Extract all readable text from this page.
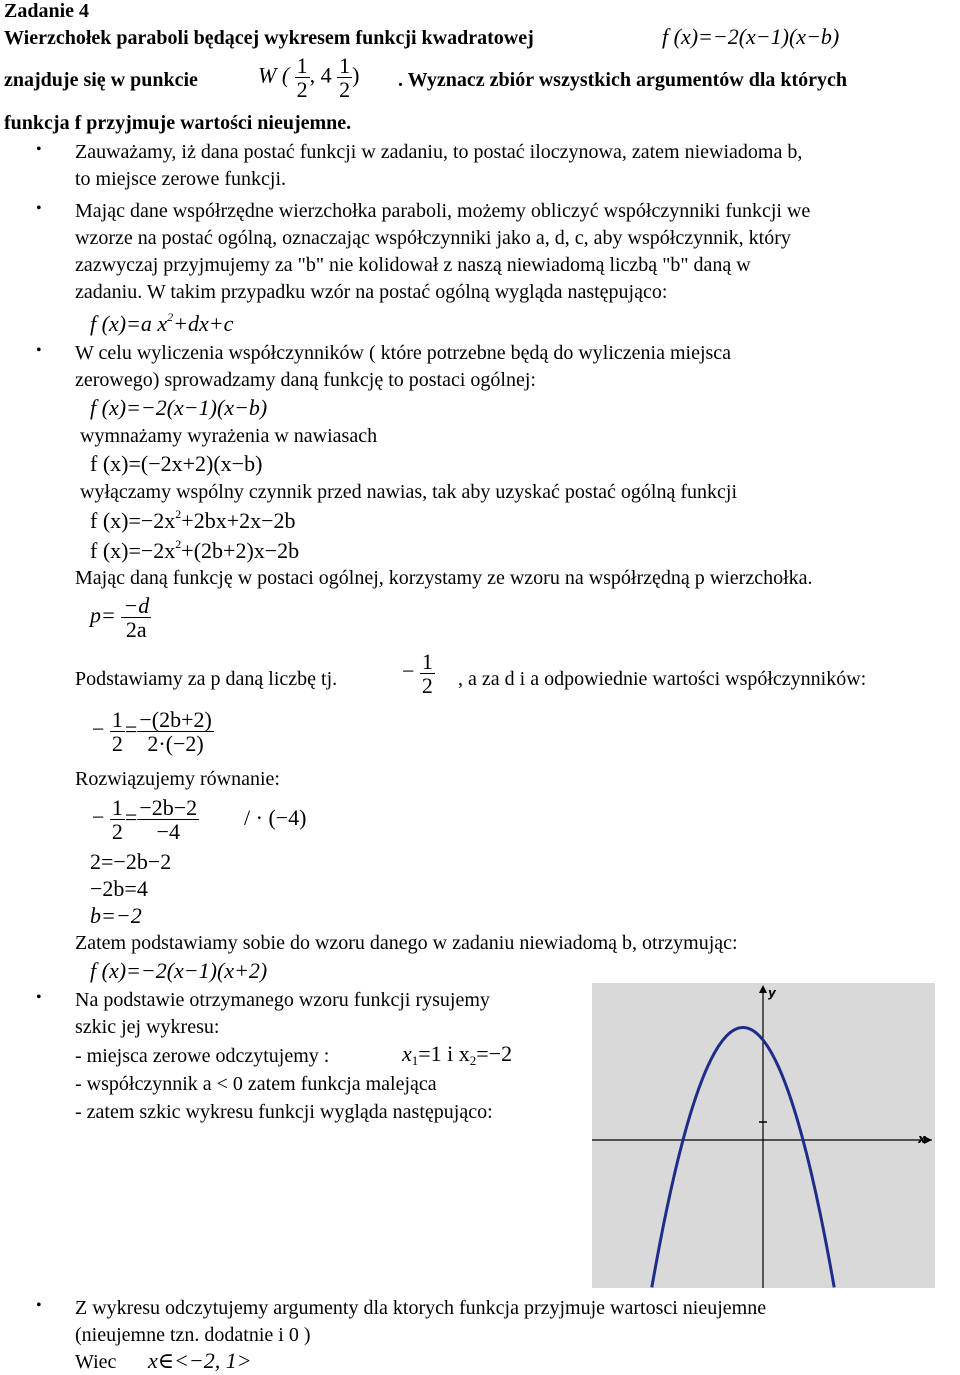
Zadanie 4
Wierzchołek paraboli będącej wykresem funkcji kwadratowej	f (x)=−2(x−1)(x−b)
znajduje się w punkcie	W ( $\frac{1}{2}$ , $4 \frac{1}{2}$ ) . Wyznacz zbiór wszystkich argumentów dla których
funkcja f przyjmuje wartości nieujemne.
• Zauważamy, iż dana postać funkcji w zadaniu, to postać iloczynowa, zatem niewiadoma b,
to miejsce zerowe funkcji.
• Mając dane współrzędne wierzchołka paraboli, możemy obliczyć współczynniki funkcji we
wzorze na postać ogólną, oznaczając współczynniki jako a, d, c, aby współczynnik, który
zazwyczaj przyjmujemy za "b" nie kolidował z naszą niewiadomą liczbą "b" daną w
zadaniu. W takim przypadku wzór na postać ogólną wygląda następująco:
f (x)=a $x^2+dx+c$
• W celu wyliczenia współczynników ( które potrzebne będą do wyliczenia miejsca
zerowego) sprowadzamy daną funkcję to postaci ogólnej:
f (x)=−2(x−1)(x−b)
wymnażamy wyrażenia w nawiasach
f (x)=(−2x+2)(x−b)
wyłączamy wspólny czynnik przed nawias, tak aby uzyskać postać ogólną funkcji
f $(x)=-2x^2+2bx+2x-2b$
f $(x)=-2x^2+(2b+2)x-2b$
Mając daną funkcję w postaci ogólnej, korzystamy ze wzoru na współrzędną p wierzchołka.
$p= \frac{-d}{2a}$
Podstawiamy za p daną liczbę tj.	− $\frac{1}{2}$ , a za d i a odpowiednie wartości współczynników:
− $\frac{1}{2} = \frac{-(2b+2)}{2\cdot(-2)}$
Rozwiązujemy równanie:
− $\frac{1}{2} = \frac{-2b-2}{-4}$ / · (−4)
2=−2b−2
−2b=4
b=−2
Zatem podstawiamy sobie do wzoru danego w zadaniu niewiadomą b, otrzymując:
f (x)=−2(x−1)(x+2)
• Na podstawie otrzymanego wzoru funkcji rysujemy
szkic jej wykresu:
- miejsca zerowe odczytujemy :	$x_1=1$ i $x_2=-2$
- współczynnik a < 0 zatem funkcja malejąca
- zatem szkic wykresu funkcji wygląda następująco:
y
x
• Z wykresu odczytujemy argumenty dla ktorych funkcja przyjmuje wartosci nieujemne
(nieujemne tzn. dodatnie i 0 )
Wiec x∈<−2, 1>
